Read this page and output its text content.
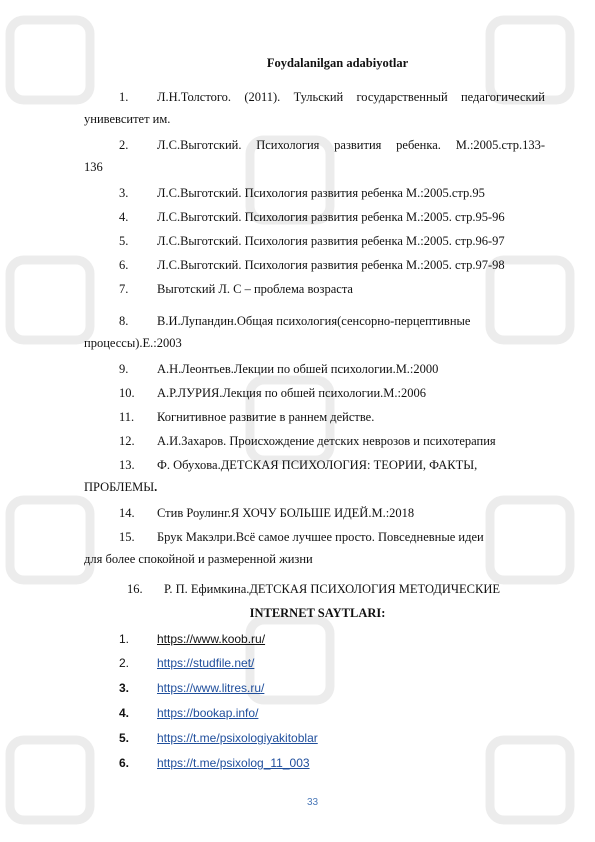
Foydalanilgan adabiyotlar
1. Л.Н.Толстого. (2011). Тульский государственный педагогический
унивевситет им.
2. Л.С.Выготский. Психология развития ребенка. М.:2005.стр.133-
136
3. Л.С.Выготский. Психология развития ребенка М.:2005.стр.95
4. Л.С.Выготский. Психология развития ребенка М.:2005. стр.95-96
5. Л.С.Выготский. Психология развития ребенка М.:2005. стр.96-97
6. Л.С.Выготский. Психология развития ребенка М.:2005. стр.97-98
7. Выготский Л. С – проблема возраста
8. В.И.Лупандин.Общая психология(сенсорно-перцептивные
процессы).Е.:2003
9. А.Н.Леонтьев.Лекции по обшей психологии.М.:2000
10. А.Р.ЛУРИЯ.Лекция по обшей психологии.М.:2006
11. Когнитивное развитие в раннем действе.
12. А.И.Захаров. Происхождение детских неврозов и психотерапия
13. Ф. Обухова.ДЕТСКАЯ ПСИХОЛОГИЯ: ТЕОРИИ, ФАКТЫ,
ПРОБЛЕМЫ.
14. Стив Роулинг.Я ХОЧУ БОЛЬШЕ ИДЕЙ.М.:2018
15. Брук Макэлри.Всё самое лучшее просто. Повседневные идеи
для более спокойной и размеренной жизни
16. Р. П. Ефимкина.ДЕТСКАЯ ПСИХОЛОГИЯ МЕТОДИЧЕСКИЕ
INTERNET SAYTLARI:
1. https://www.koob.ru/
2. https://studfile.net/
3. https://www.litres.ru/
4. https://bookap.info/
5. https://t.me/psixologiyakitoblar
6. https://t.me/psixolog_11_003
33
